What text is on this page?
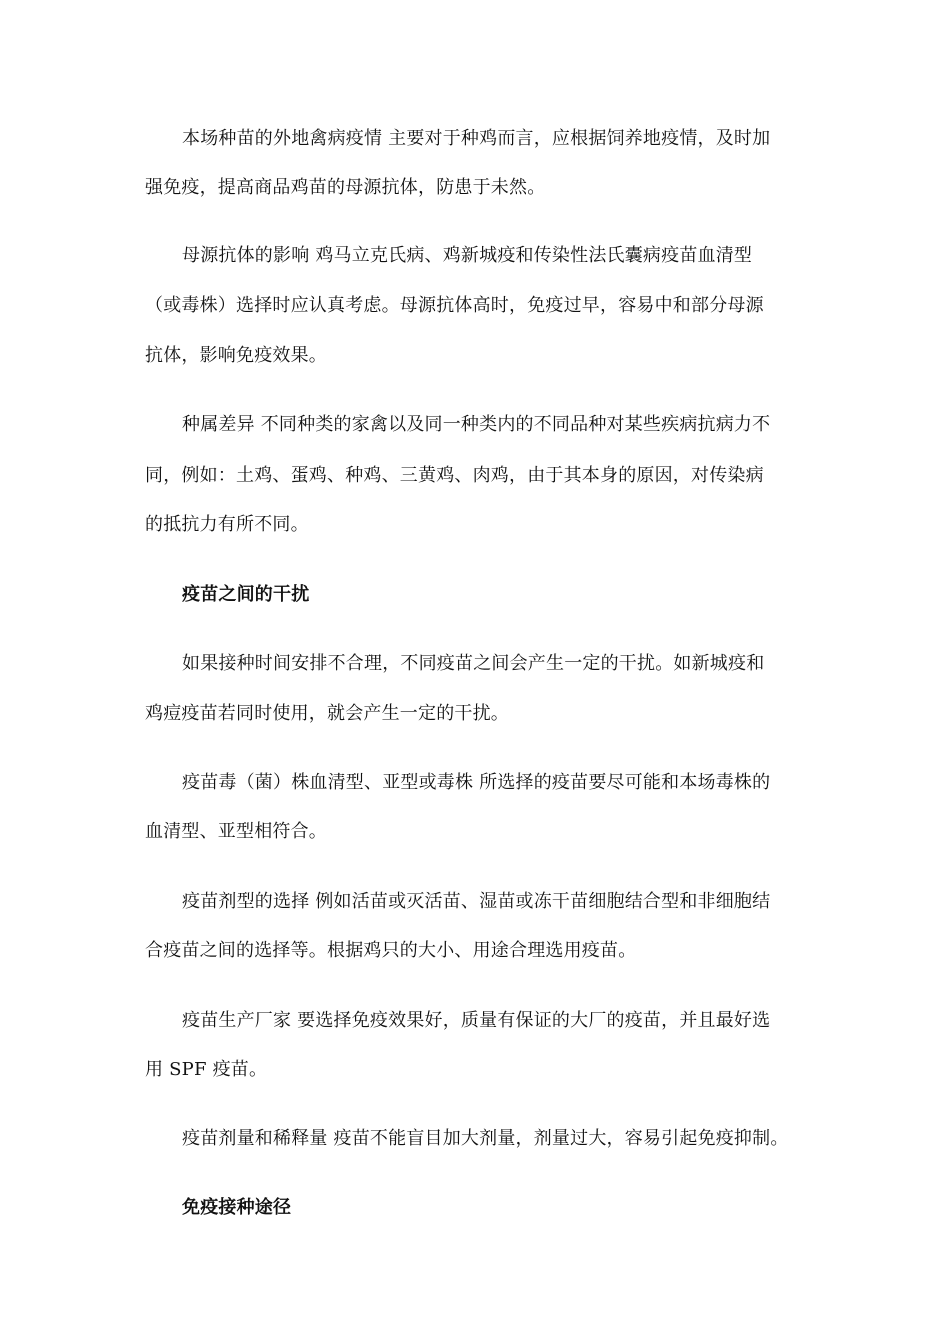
本场种苗的外地禽病疫情 主要对于种鸡而言，应根据饲养地疫情，及时加
强免疫，提高商品鸡苗的母源抗体，防患于未然。
母源抗体的影响 鸡马立克氏病、鸡新城疫和传染性法氏囊病疫苗血清型
（或毒株）选择时应认真考虑。母源抗体高时，免疫过早，容易中和部分母源
抗体，影响免疫效果。
种属差异 不同种类的家禽以及同一种类内的不同品种对某些疾病抗病力不
同，例如：土鸡、蛋鸡、种鸡、三黄鸡、肉鸡，由于其本身的原因，对传染病
的抵抗力有所不同。
疫苗之间的干扰
如果接种时间安排不合理，不同疫苗之间会产生一定的干扰。如新城疫和
鸡痘疫苗若同时使用，就会产生一定的干扰。
疫苗毒（菌）株血清型、亚型或毒株 所选择的疫苗要尽可能和本场毒株的
血清型、亚型相符合。
疫苗剂型的选择 例如活苗或灭活苗、湿苗或冻干苗细胞结合型和非细胞结
合疫苗之间的选择等。根据鸡只的大小、用途合理选用疫苗。
疫苗生产厂家 要选择免疫效果好，质量有保证的大厂的疫苗，并且最好选
用 SPF 疫苗。
疫苗剂量和稀释量 疫苗不能盲目加大剂量，剂量过大，容易引起免疫抑制。
免疫接种途径
